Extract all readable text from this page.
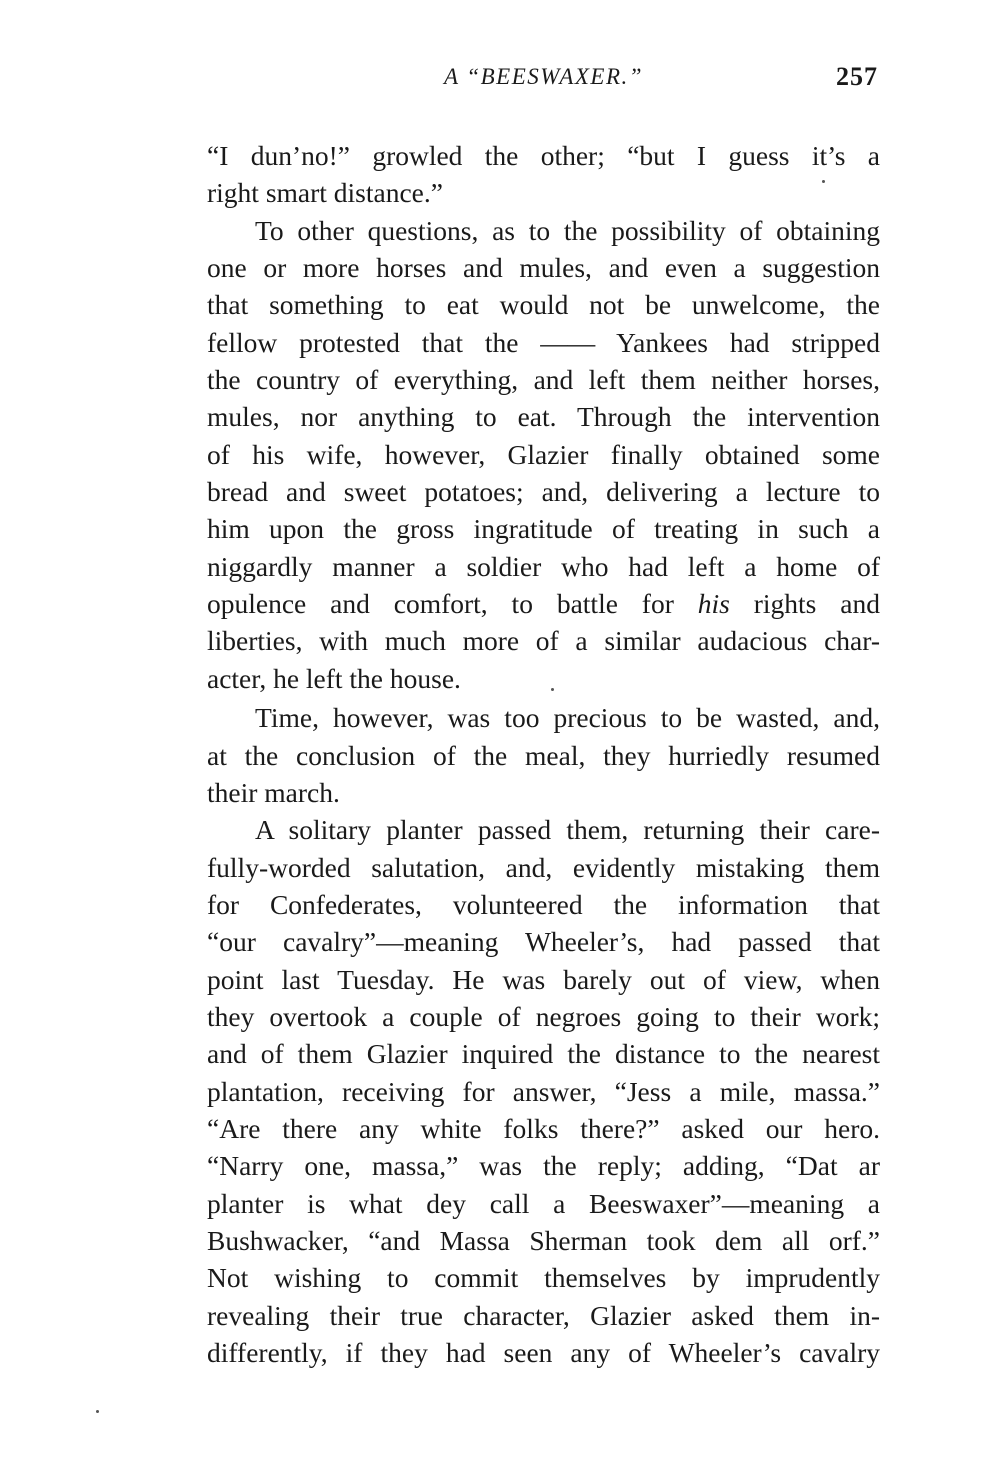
A “BEESWAXER.”	257
“I dun’no!” growled the other; “but I guess it’s a
right smart distance.”
To other questions, as to the possibility of obtaining
one or more horses and mules, and even a suggestion
that something to eat would not be unwelcome, the
fellow protested that the —— Yankees had stripped
the country of everything, and left them neither horses,
mules, nor anything to eat. Through the intervention
of his wife, however, Glazier finally obtained some
bread and sweet potatoes; and, delivering a lecture to
him upon the gross ingratitude of treating in such a
niggardly manner a soldier who had left a home of
opulence and comfort, to battle for his rights and
liberties, with much more of a similar audacious char-
acter, he left the house.
Time, however, was too precious to be wasted, and,
at the conclusion of the meal, they hurriedly resumed
their march.
A solitary planter passed them, returning their care-
fully-worded salutation, and, evidently mistaking them
for Confederates, volunteered the information that
“our cavalry”—meaning Wheeler’s, had passed that
point last Tuesday. He was barely out of view, when
they overtook a couple of negroes going to their work;
and of them Glazier inquired the distance to the nearest
plantation, receiving for answer, “Jess a mile, massa.”
“Are there any white folks there?” asked our hero.
“Narry one, massa,” was the reply; adding, “Dat ar
planter is what dey call a Beeswaxer”—meaning a
Bushwacker, “and Massa Sherman took dem all orf.”
Not wishing to commit themselves by imprudently
revealing their true character, Glazier asked them in-
differently, if they had seen any of Wheeler’s cavalry
